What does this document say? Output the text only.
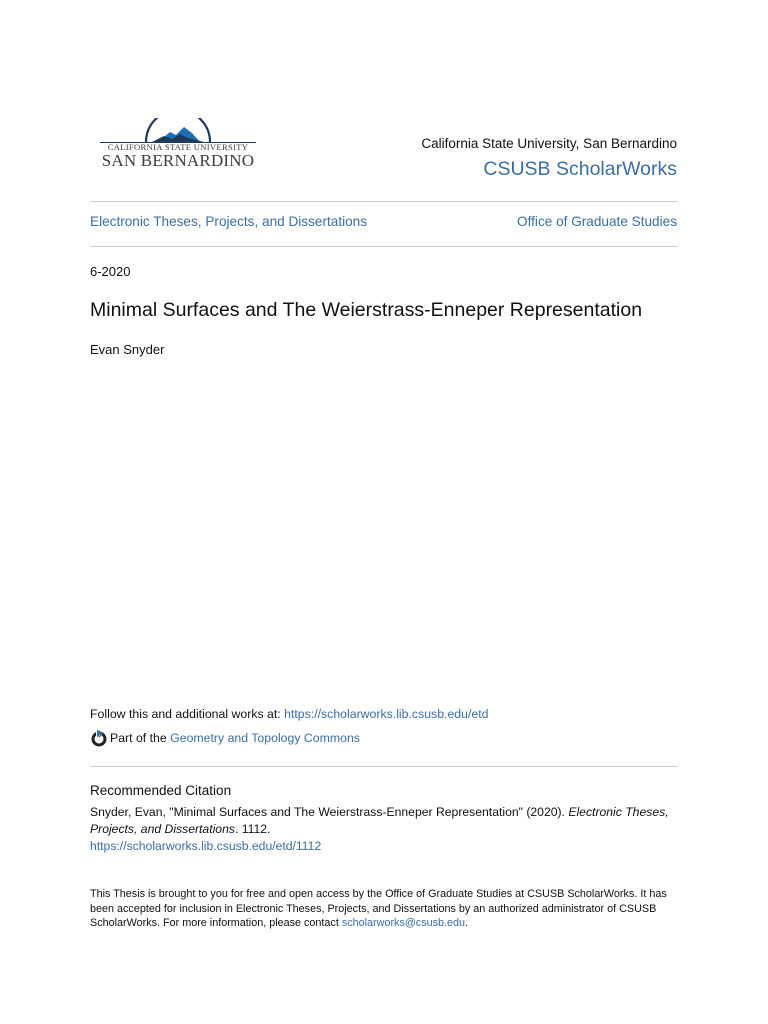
CALIFORNIA STATE UNIVERSITY
SAN BERNARDINO
California State University, San Bernardino
CSUSB ScholarWorks
Electronic Theses, Projects, and Dissertations	Office of Graduate Studies
6-2020
Minimal Surfaces and The Weierstrass-Enneper Representation
Evan Snyder
Follow this and additional works at: https://scholarworks.lib.csusb.edu/etd
Part of the
Geometry and Topology Commons
Recommended Citation
Snyder, Evan, "Minimal Surfaces and The Weierstrass-Enneper Representation" (2020). Electronic Theses, Projects, and Dissertations. 1112.
https://scholarworks.lib.csusb.edu/etd/1112
This Thesis is brought to you for free and open access by the Office of Graduate Studies at CSUSB ScholarWorks. It has been accepted for inclusion in Electronic Theses, Projects, and Dissertations by an authorized administrator of CSUSB ScholarWorks. For more information, please contact scholarworks@csusb.edu.
